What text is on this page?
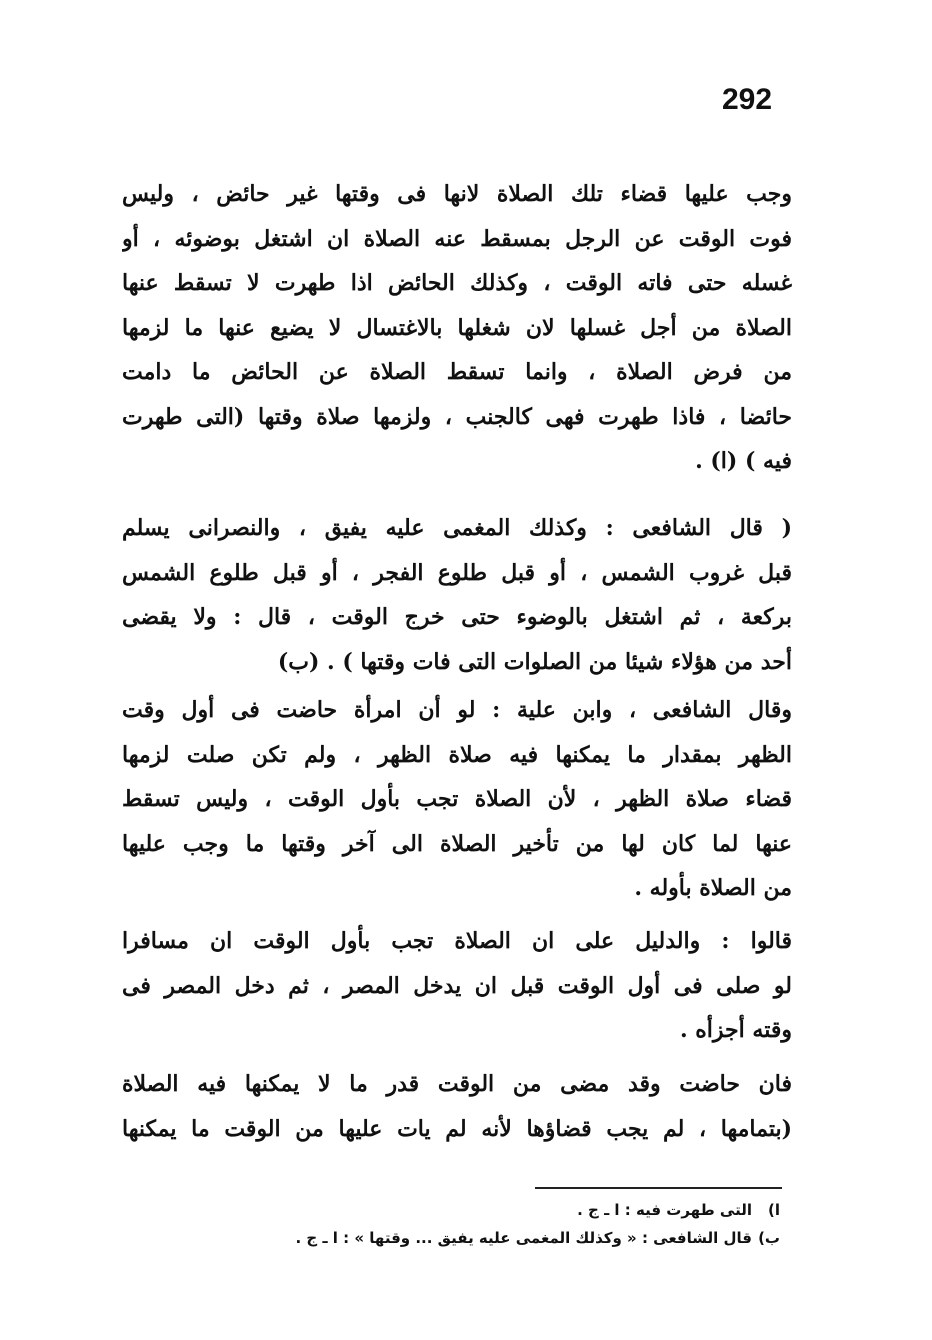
292
وجب عليها قضاء تلك الصلاة لانها فى وقتها غير حائض ، وليس
فوت الوقت عن الرجل بمسقط عنه الصلاة ان اشتغل بوضوئه ، أو
غسله حتى فاته الوقت ، وكذلك الحائض اذا طهرت لا تسقط عنها
الصلاة من أجل غسلها لان شغلها بالاغتسال لا يضيع عنها ما لزمها
من فرض الصلاة ، وانما تسقط الصلاة عن الحائض ما دامت
حائضا ، فاذا طهرت فهى كالجنب ، ولزمها صلاة وقتها (التى طهرت
فيه ) (ا) .
( قال الشافعى : وكذلك المغمى عليه يفيق ، والنصرانى يسلم
قبل غروب الشمس ، أو قبل طلوع الفجر ، أو قبل طلوع الشمس
بركعة ، ثم اشتغل بالوضوء حتى خرج الوقت ، قال : ولا يقضى
أحد من هؤلاء شيئا من الصلوات التى فات وقتها ) . (ب)
وقال الشافعى ، وابن علية : لو أن امرأة حاضت فى أول وقت
الظهر بمقدار ما يمكنها فيه صلاة الظهر ، ولم تكن صلت لزمها
قضاء صلاة الظهر ، لأن الصلاة تجب بأول الوقت ، وليس تسقط
عنها لما كان لها من تأخير الصلاة الى آخر وقتها ما وجب عليها
من الصلاة بأوله .
قالوا : والدليل على ان الصلاة تجب بأول الوقت ان مسافرا
لو صلى فى أول الوقت قبل ان يدخل المصر ، ثم دخل المصر فى
وقته أجزأه .
فان حاضت وقد مضى من الوقت قدر ما لا يمكنها فيه الصلاة
(بتمامها ، لم يجب قضاؤها لأنه لم يات عليها من الوقت ما يمكنها
ا)
التى طهرت فيه : ا ـ ج .
ب)
قال الشافعى : « وكذلك المغمى عليه يفيق ... وقتها » : ا ـ ج .
